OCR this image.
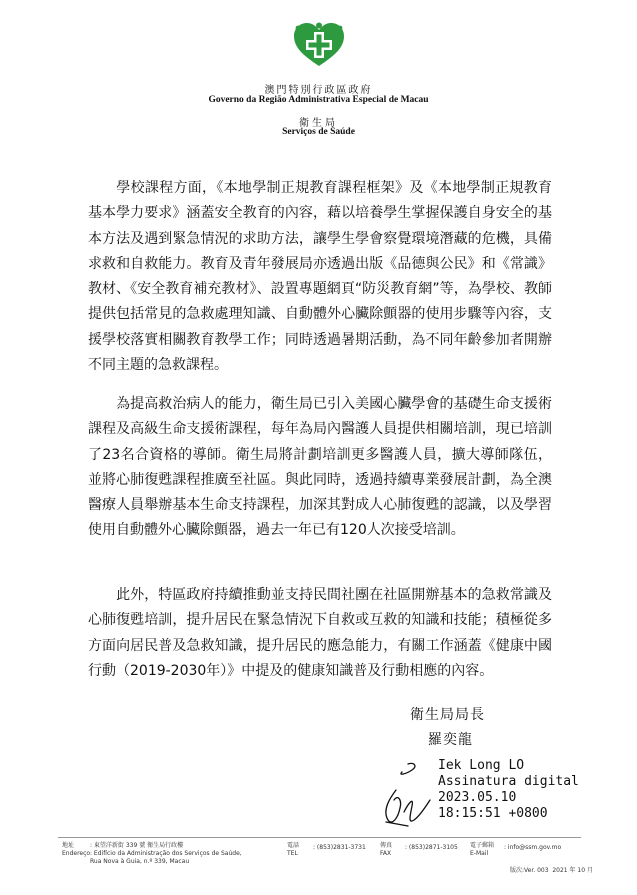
澳門特別行政區政府
Governo da Região Administrativa Especial de Macau
衛生局
Serviços de Saúde
學校課程方面，《本地學制正規教育課程框架》及《本地學制正規教育基本學力要求》涵蓋安全教育的內容，藉以培養學生掌握保護自身安全的基本方法及遇到緊急情況的求助方法，讓學生學會察覺環境潛藏的危機，具備求救和自救能力。教育及青年發展局亦透過出版《品德與公民》和《常識》教材、《安全教育補充教材》、設置專題網頁“防災教育網”等，為學校、教師提供包括常見的急救處理知識、自動體外心臟除顫器的使用步驟等內容，支援學校落實相關教育教學工作；同時透過暑期活動，為不同年齡參加者開辦不同主題的急救課程。
為提高救治病人的能力，衛生局已引入美國心臟學會的基礎生命支援術課程及高級生命支援術課程，每年為局內醫護人員提供相關培訓，現已培訓了23名合資格的導師。衛生局將計劃培訓更多醫護人員，擴大導師隊伍，並將心肺復甦課程推廣至社區。與此同時，透過持續專業發展計劃，為全澳醫療人員舉辦基本生命支持課程，加深其對成人心肺復甦的認識，以及學習使用自動體外心臟除顫器，過去一年已有120人次接受培訓。
此外，特區政府持續推動並支持民間社團在社區開辦基本的急救常識及心肺復甦培訓，提升居民在緊急情況下自救或互救的知識和技能；積極從多方面向居民普及急救知識，提升居民的應急能力，有關工作涵蓋《健康中國行動（2019-2030年）》中提及的健康知識普及行動相應的內容。
衛生局局長
羅奕龍
Iek Long LO
Assinatura digital
2023.05.10
18:15:51 +0800
地址
Endereço
: 東望洋新街 339 號 衛生局行政樓
: Edifício da Administração dos Serviços de Saúde, Rua Nova à Guia, n.º 339, Macau
電話
TEL
: (853)2831-3731 傳真
FAX
: (853)2871-3105 電子郵箱
E-Mail
: info@ssm.gov.mo
版次:Ver. 003  2021 年 10 月
